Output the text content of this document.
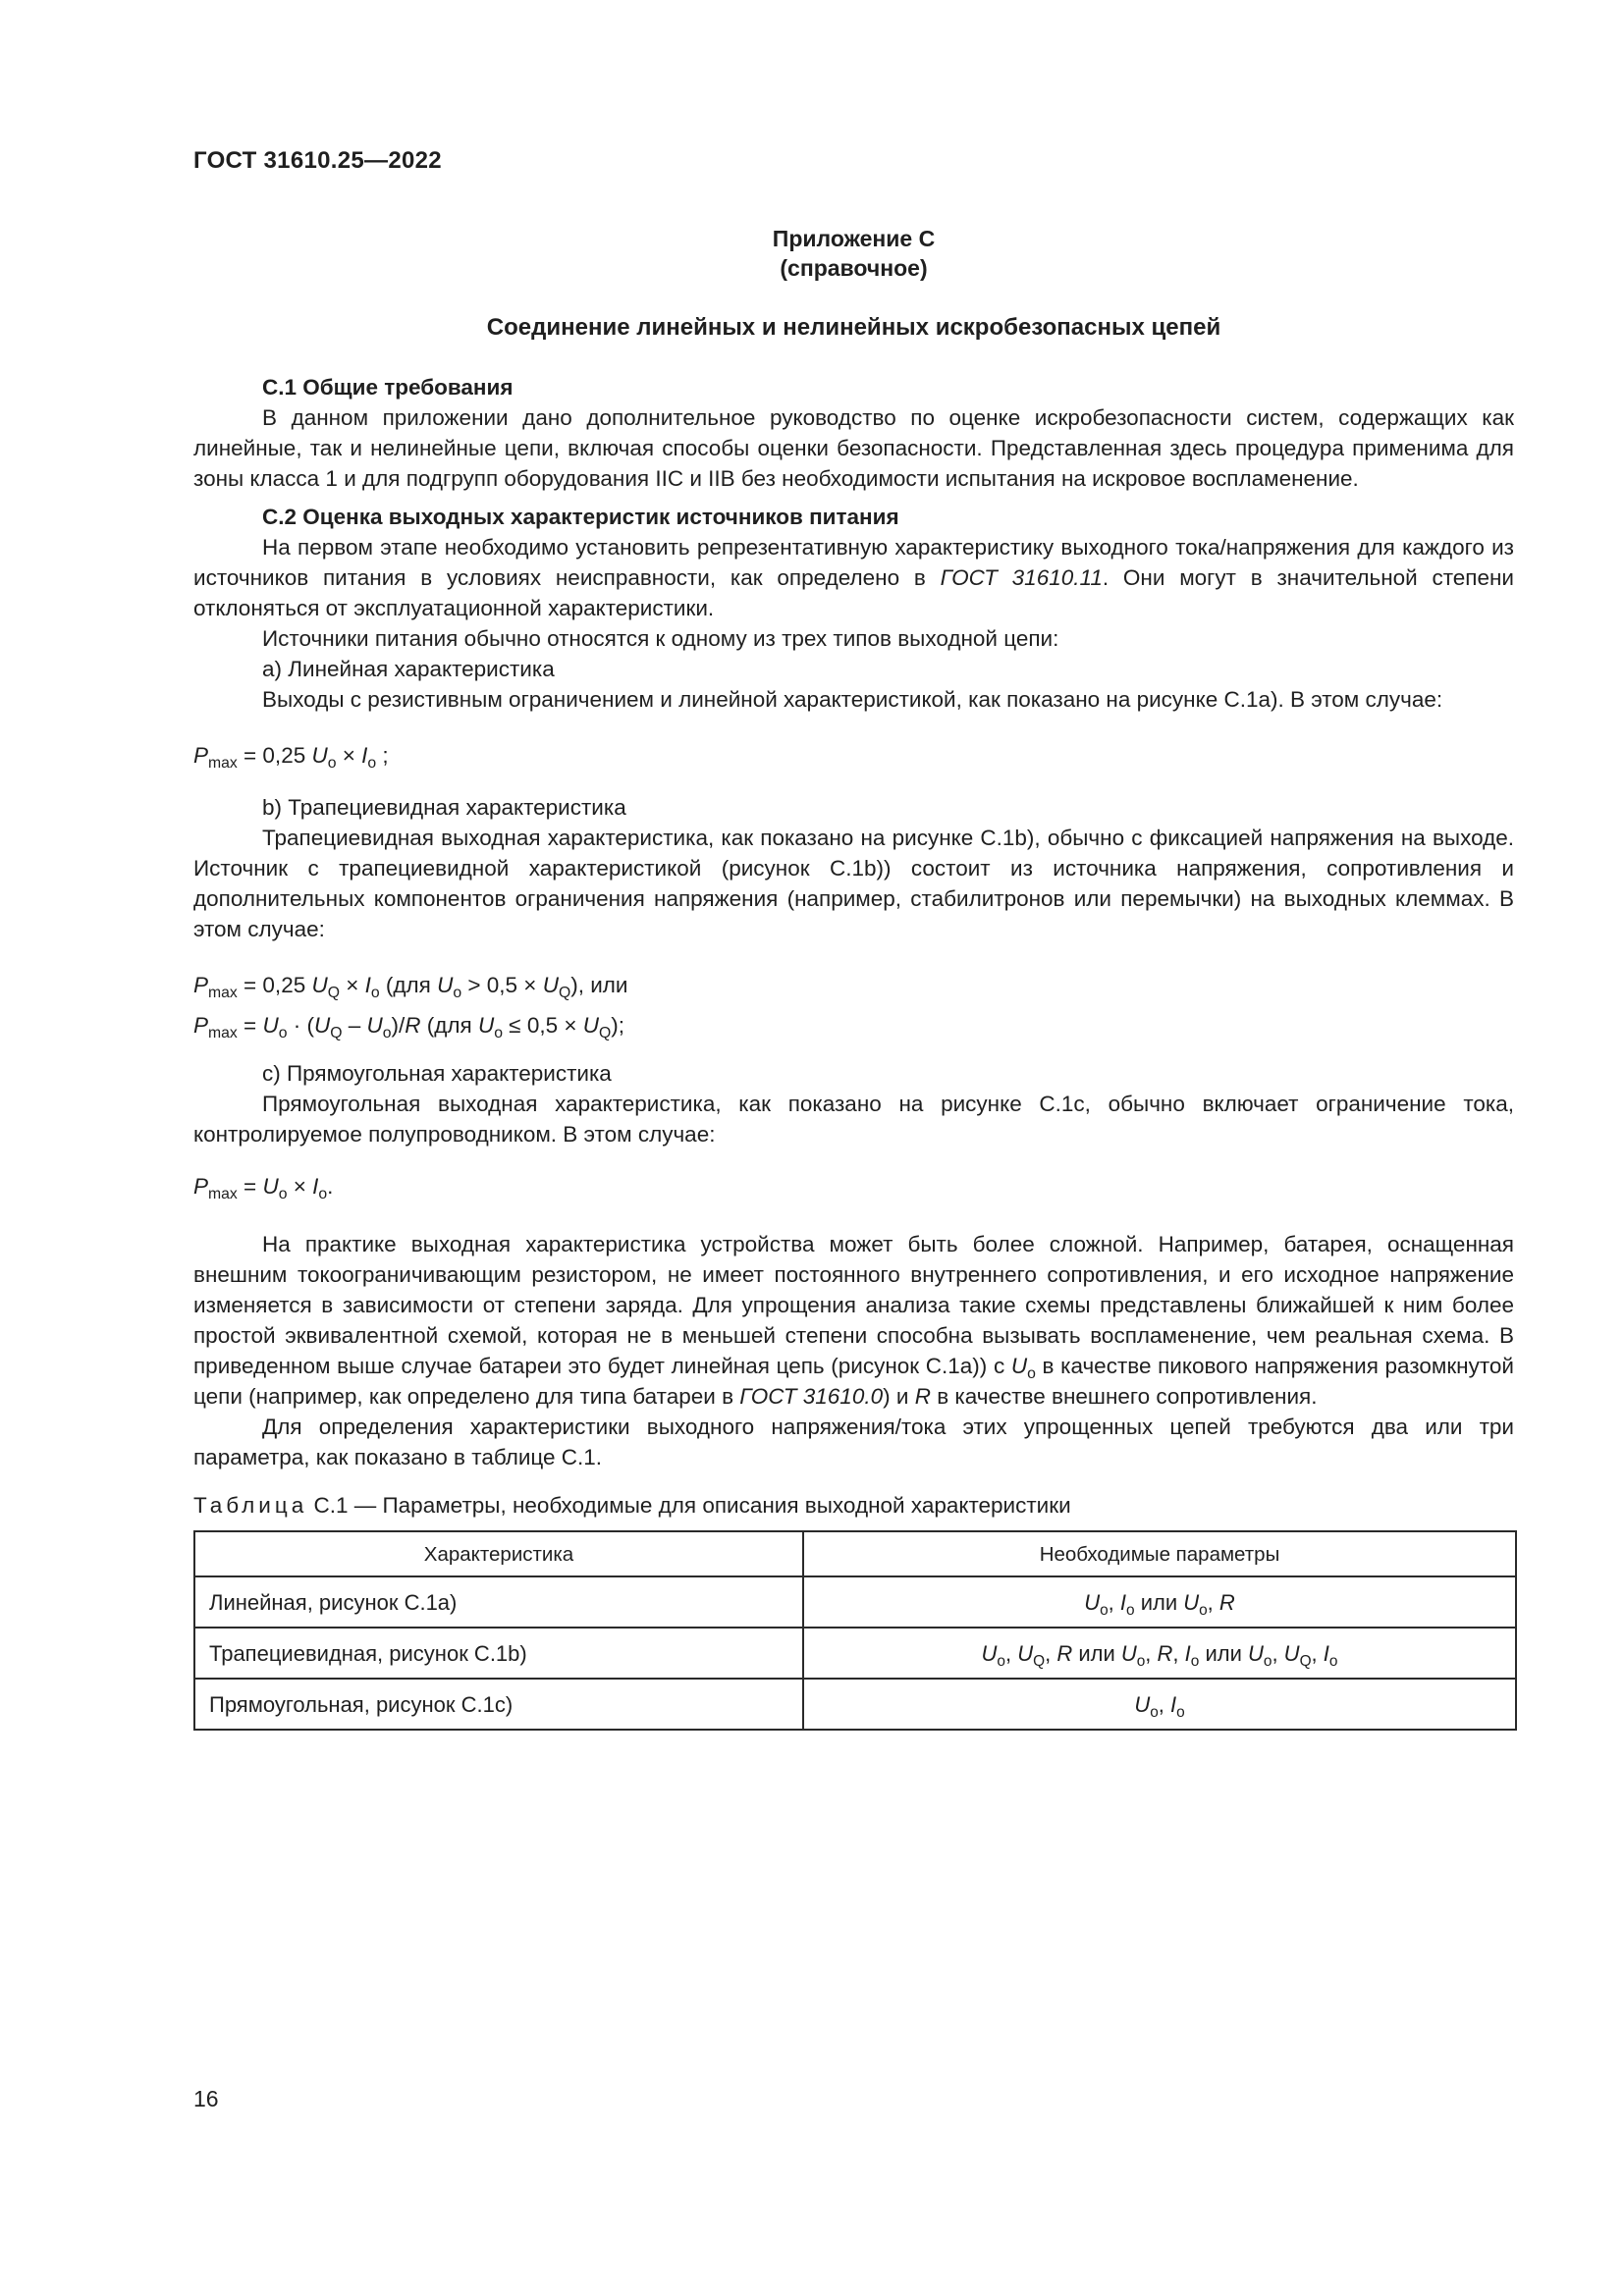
ГОСТ 31610.25—2022
Приложение С
(справочное)
Соединение линейных и нелинейных искробезопасных цепей

С.1 Общие требования

В данном приложении дано дополнительное руководство по оценке искробезопасности систем, содержащих как линейные, так и нелинейные цепи, включая способы оценки безопасности. Представленная здесь процедура применима для зоны класса 1 и для подгрупп оборудования IIC и IIB без необходимости испытания на искровое воспламенение.

С.2 Оценка выходных характеристик источников питания

На первом этапе необходимо установить репрезентативную характеристику выходного тока/напряжения для каждого из источников питания в условиях неисправности, как определено в ГОСТ 31610.11. Они могут в значительной степени отклоняться от эксплуатационной характеристики.

Источники питания обычно относятся к одному из трех типов выходной цепи:

а) Линейная характеристика

Выходы с резистивным ограничением и линейной характеристикой, как показано на рисунке С.1а). В этом случае:

$P_{max} = 0,25$ $U_o \times I_o$ ;

b) Трапециевидная характеристика

Трапециевидная выходная характеристика, как показано на рисунке С.1b), обычно с фиксацией напряжения на выходе. Источник с трапециевидной характеристикой (рисунок С.1b)) состоит из источника напряжения, сопротивления и дополнительных компонентов ограничения напряжения (например, стабилитронов или перемычки) на выходных клеммах. В этом случае:

$P_{max} = 0,25$ $U_Q \times I_o$ (для $U_o > 0,5 \times U_Q$), или

$P_{max} = U_o \cdot (U_Q - U_o)/R$ (для $U_o \le 0,5 \times U_Q$);

с) Прямоугольная характеристика

Прямоугольная выходная характеристика, как показано на рисунке С.1с, обычно включает ограничение тока, контролируемое полупроводником. В этом случае:

$P_{max} = U_o \times I_o$.

На практике выходная характеристика устройства может быть более сложной. Например, батарея, оснащенная внешним токоограничивающим резистором, не имеет постоянного внутреннего сопротивления, и его исходное напряжение изменяется в зависимости от степени заряда. Для упрощения анализа такие схемы представлены ближайшей к ним более простой эквивалентной схемой, которая не в меньшей степени способна вызывать воспламенение, чем реальная схема. В приведенном выше случае батареи это будет линейная цепь (рисунок С.1а)) с $U_o$ в качестве пикового напряжения разомкнутой цепи (например, как определено для типа батареи в ГОСТ 31610.0) и R в качестве внешнего сопротивления.

Для определения характеристики выходного напряжения/тока этих упрощенных цепей требуются два или три параметра, как показано в таблице С.1.

Таблица С.1 — Параметры, необходимые для описания выходной характеристики

Характеристика	Необходимые параметры
Линейная, рисунок С.1а)	$U_o$, $I_o$ или $U_o$, R
Трапециевидная, рисунок С.1b)	$U_o$, $U_Q$, R или $U_o$, R, $I_o$ или $U_o$, $U_Q$, $I_o$
Прямоугольная, рисунок С.1с)	$U_o$, $I_o$
16
